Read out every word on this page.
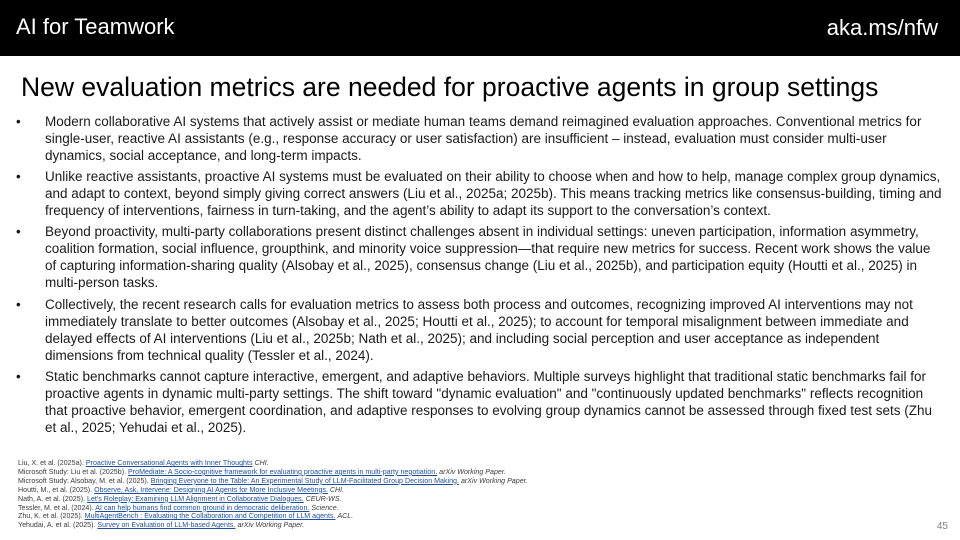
AI for Teamwork	aka.ms/nfw
New evaluation metrics are needed for proactive agents in group settings
•	Modern collaborative AI systems that actively assist or mediate human teams demand reimagined evaluation approaches. Conventional metrics for single-user, reactive AI assistants (e.g., response accuracy or user satisfaction) are insufficient – instead, evaluation must consider multi-user dynamics, social acceptance, and long-term impacts.
•	Unlike reactive assistants, proactive AI systems must be evaluated on their ability to choose when and how to help, manage complex group dynamics, and adapt to context, beyond simply giving correct answers (Liu et al., 2025a; 2025b). This means tracking metrics like consensus-building, timing and frequency of interventions, fairness in turn-taking, and the agent’s ability to adapt its support to the conversation’s context.
•	Beyond proactivity, multi-party collaborations present distinct challenges absent in individual settings: uneven participation, information asymmetry, coalition formation, social influence, groupthink, and minority voice suppression—that require new metrics for success. Recent work shows the value of capturing information-sharing quality (Alsobay et al., 2025), consensus change (Liu et al., 2025b), and participation equity (Houtti et al., 2025) in multi-person tasks.
•	Collectively, the recent research calls for evaluation metrics to assess both process and outcomes, recognizing improved AI interventions may not immediately translate to better outcomes (Alsobay et al., 2025; Houtti et al., 2025); to account for temporal misalignment between immediate and delayed effects of AI interventions (Liu et al., 2025b; Nath et al., 2025); and including social perception and user acceptance as independent dimensions from technical quality (Tessler et al., 2024).
•	Static benchmarks cannot capture interactive, emergent, and adaptive behaviors. Multiple surveys highlight that traditional static benchmarks fail for proactive agents in dynamic multi-party settings. The shift toward "dynamic evaluation" and "continuously updated benchmarks" reflects recognition that proactive behavior, emergent coordination, and adaptive responses to evolving group dynamics cannot be assessed through fixed test sets (Zhu et al., 2025; Yehudai et al., 2025).
Liu, X. et al. (2025a). Proactive Conversational Agents with Inner Thoughts CHI.
Microsoft Study: Liu et al. (2025b). ProMediate: A Socio-cognitive framework for evaluating proactive agents in multi-party negotiation. arXiv Working Paper.
Microsoft Study: Alsobay, M. et al. (2025). Bringing Everyone to the Table: An Experimental Study of LLM-Facilitated Group Decision Making. arXiv Working Paper.
Houtti, M., et al. (2025). Observe, Ask, Intervene: Designing AI Agents for More Inclusive Meetings. CHI.
Nath, A. et al. (2025). Let's Roleplay: Examining LLM Alignment in Collaborative Dialogues. CEUR-WS.
Tessler, M. et al. (2024). AI can help humans find common ground in democratic deliberation. Science.
Zhu, K. et al. (2025). MultiAgentBench : Evaluating the Collaboration and Competition of LLM agents. ACL.
Yehudai, A. et al. (2025). Survey on Evaluation of LLM-based Agents. arXiv Working Paper.	45
